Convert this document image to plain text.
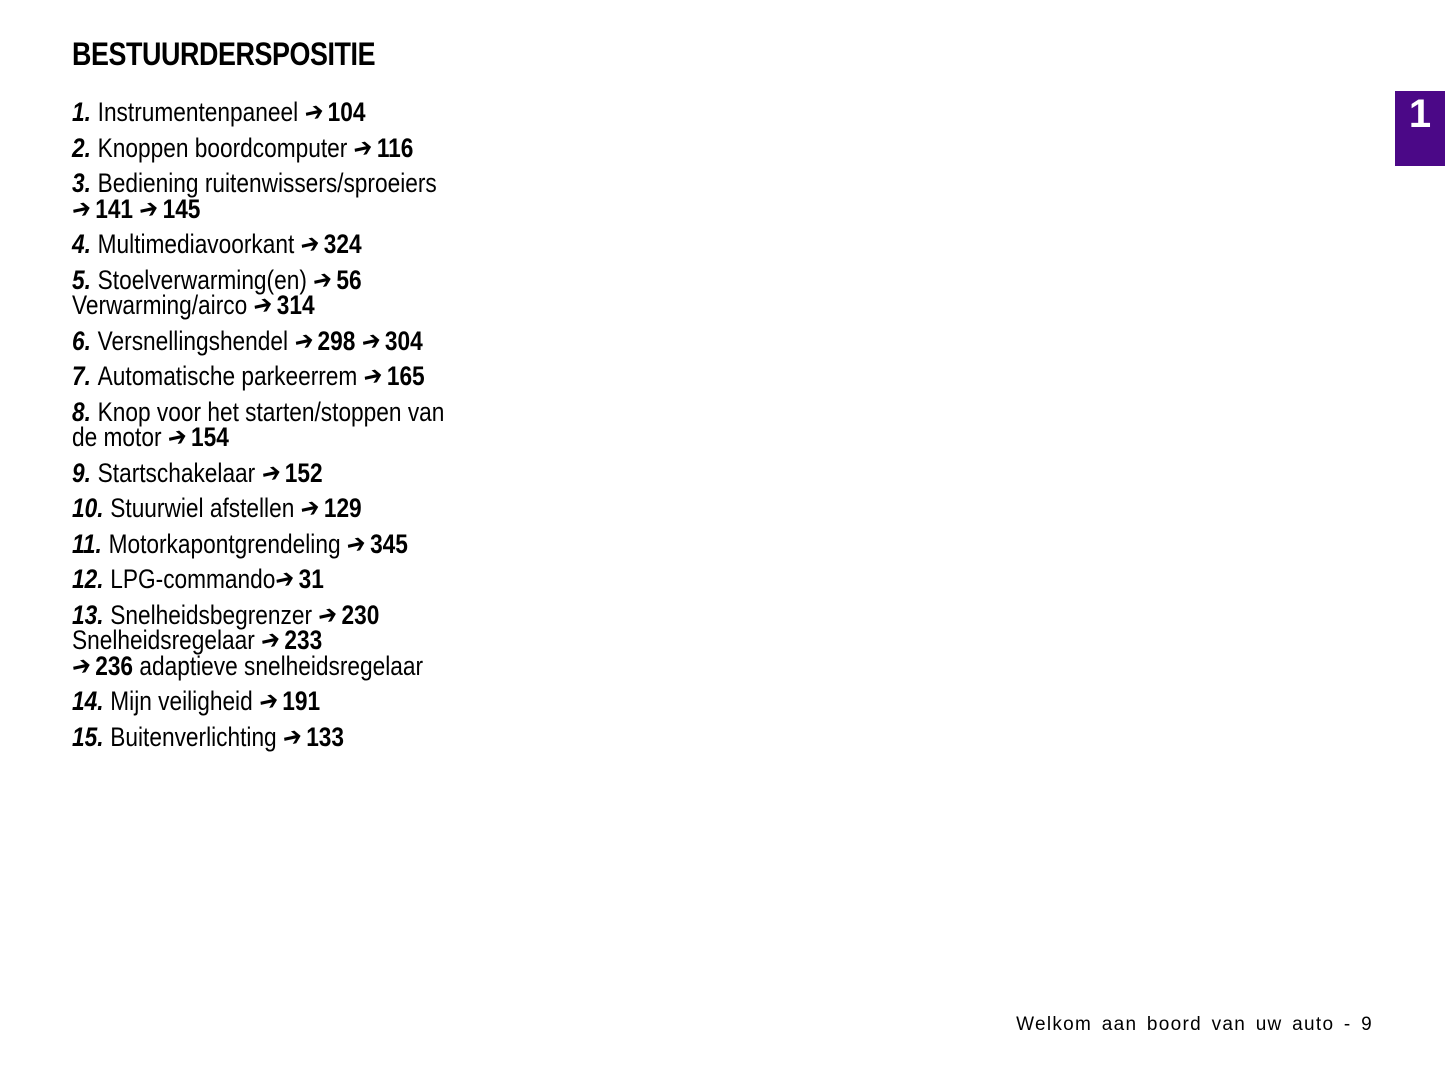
BESTUURDERSPOSITIE
1. Instrumentenpaneel ➔104
2. Knoppen boordcomputer ➔116
3. Bediening ruitenwissers/sproeiers
➔141 ➔145
4. Multimediavoorkant ➔324
5. Stoelverwarming(en) ➔56
Verwarming/airco ➔314
6. Versnellingshendel ➔298 ➔304
7. Automatische parkeerrem ➔165
8. Knop voor het starten/stoppen van
de motor ➔154
9. Startschakelaar ➔152
10. Stuurwiel afstellen ➔129
11. Motorkapontgrendeling ➔345
12. LPG-commando➔31
13. Snelheidsbegrenzer ➔230
Snelheidsregelaar ➔233
➔236 adaptieve snelheidsregelaar
14. Mijn veiligheid ➔191
15. Buitenverlichting ➔133
1
Welkom aan boord van uw auto - 9
